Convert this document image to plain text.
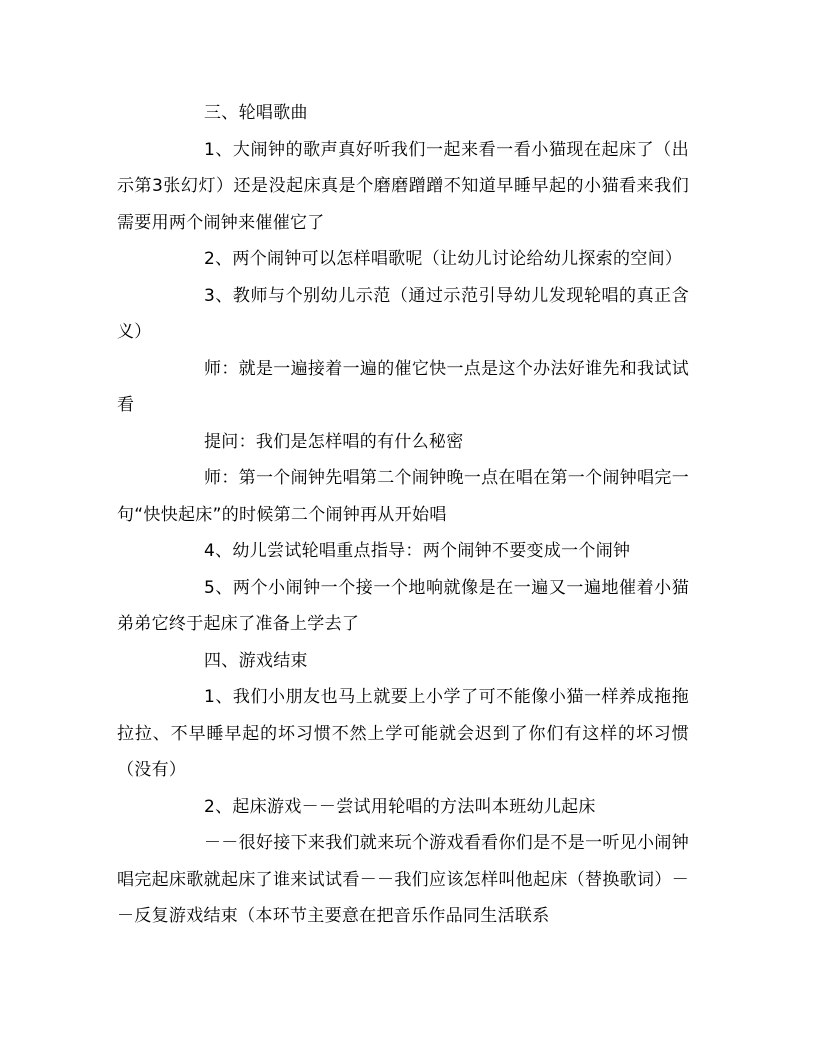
三、轮唱歌曲

1、大闹钟的歌声真好听我们一起来看一看小猫现在起床了（出示第3张幻灯）还是没起床真是个磨磨蹭蹭不知道早睡早起的小猫看来我们需要用两个闹钟来催催它了

2、两个闹钟可以怎样唱歌呢（让幼儿讨论给幼儿探索的空间）

3、教师与个别幼儿示范（通过示范引导幼儿发现轮唱的真正含义）

师：就是一遍接着一遍的催它快一点是这个办法好谁先和我试试看

提问：我们是怎样唱的有什么秘密

师：第一个闹钟先唱第二个闹钟晚一点在唱在第一个闹钟唱完一句“快快起床”的时候第二个闹钟再从开始唱

4、幼儿尝试轮唱重点指导：两个闹钟不要变成一个闹钟

5、两个小闹钟一个接一个地响就像是在一遍又一遍地催着小猫弟弟它终于起床了准备上学去了

四、游戏结束

1、我们小朋友也马上就要上小学了可不能像小猫一样养成拖拖拉拉、不早睡早起的坏习惯不然上学可能就会迟到了你们有这样的坏习惯（没有）

2、起床游戏－－尝试用轮唱的方法叫本班幼儿起床

－－很好接下来我们就来玩个游戏看看你们是不是一听见小闹钟唱完起床歌就起床了谁来试试看－－我们应该怎样叫他起床（替换歌词）－－反复游戏结束（本环节主要意在把音乐作品同生活联系
